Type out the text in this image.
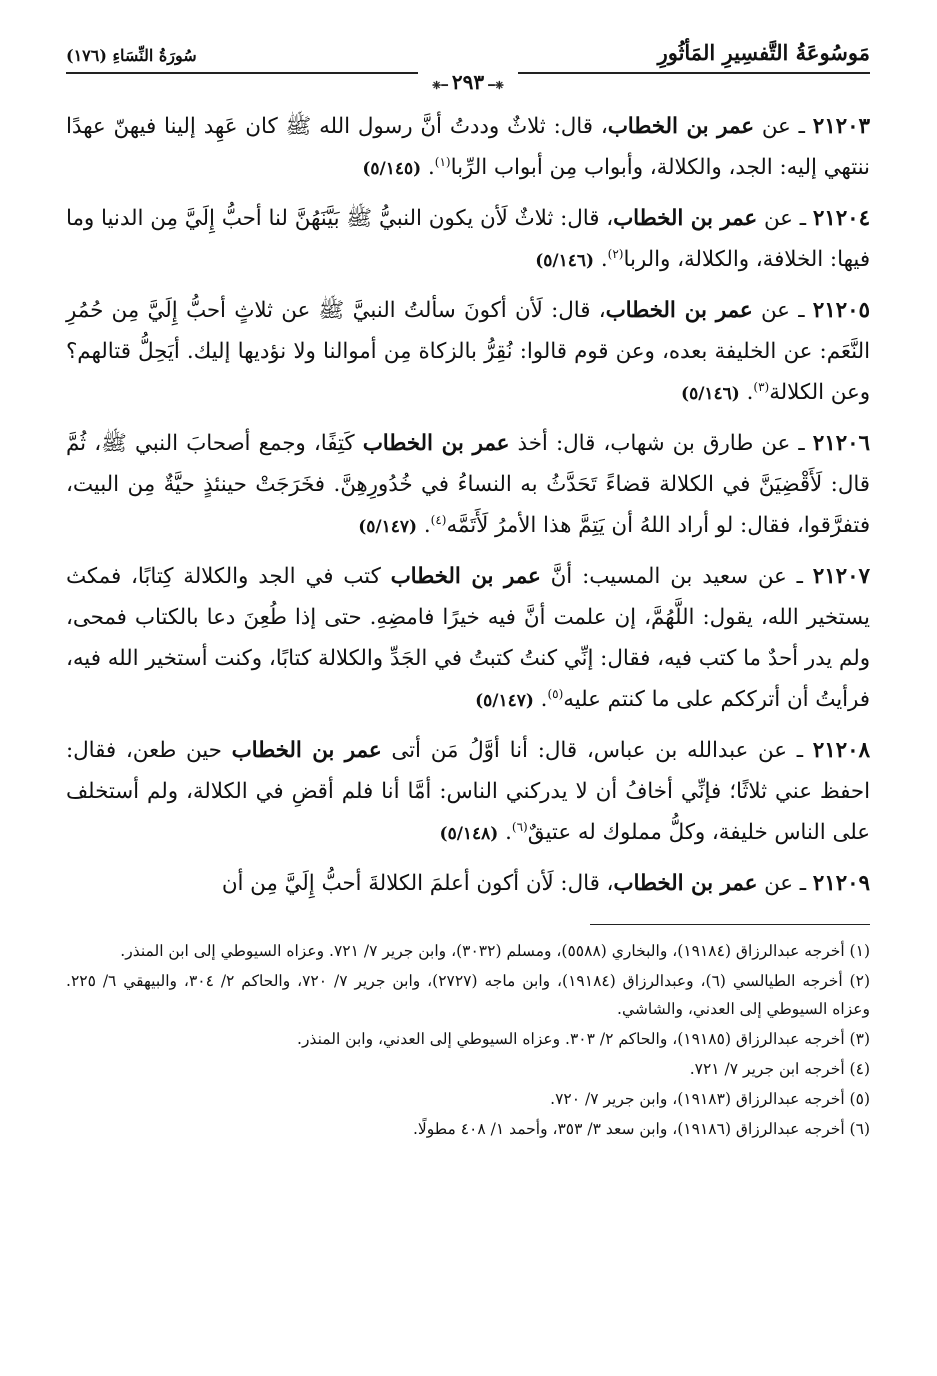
مَوسُوعَةُ التَّفسِيرِ المَأثُورِ
سُورَةُ النِّسَاءِ (١٧٦)
❈━٢٩٣━❈

٢١٢٠٣ ـ عن عمر بن الخطاب، قال: ثلاثٌ وددتُ أنَّ رسول الله ﷺ كان عَهِد إلينا فيهنّ عهدًا ننتهي إليه: الجد، والكلالة، وأبواب مِن أبواب الرِّبا$^{(١)}$. (٥/١٤٥)

٢١٢٠٤ ـ عن عمر بن الخطاب، قال: ثلاثٌ لَأن يكون النبيُّ ﷺ بَيَّنَهُنَّ لنا أحبُّ إِلَيَّ مِن الدنيا وما فيها: الخلافة، والكلالة، والربا$^{(٢)}$. (٥/١٤٦)

٢١٢٠٥ ـ عن عمر بن الخطاب، قال: لَأن أكونَ سألتُ النبيَّ ﷺ عن ثلاثٍ أحبُّ إِلَيَّ مِن حُمُرِ النَّعَم: عن الخليفة بعده، وعن قوم قالوا: نُقِرُّ بالزكاة مِن أموالنا ولا نؤديها إليك. أيَحِلُّ قتالهم؟ وعن الكلالة$^{(٣)}$. (٥/١٤٦)

٢١٢٠٦ ـ عن طارق بن شهاب، قال: أخذ عمر بن الخطاب كَتِفًا، وجمع أصحابَ النبي ﷺ، ثُمَّ قال: لَأَقْضِيَنَّ في الكلالة قضاءً تَحَدَّثُ به النساءُ في خُدُورِهِنَّ. فخَرَجَتْ حينئذٍ حيَّةٌ مِن البيت، فتفرَّقوا، فقال: لو أراد اللهُ أن يَتِمَّ هذا الأمرُ لَأَتَمَّه$^{(٤)}$. (٥/١٤٧)

٢١٢٠٧ ـ عن سعيد بن المسيب: أنَّ عمر بن الخطاب كتب في الجد والكلالة كِتابًا، فمكث يستخير الله، يقول: اللَّهُمَّ، إن علمت أنَّ فيه خيرًا فامضِهِ. حتى إذا طُعِنَ دعا بالكتاب فمحى، ولم يدر أحدٌ ما كتب فيه، فقال: إنِّي كنتُ كتبتُ في الجَدِّ والكلالة كتابًا، وكنت أستخير الله فيه، فرأيتُ أن أترككم على ما كنتم عليه$^{(٥)}$. (٥/١٤٧)

٢١٢٠٨ ـ عن عبدالله بن عباس، قال: أنا أوَّلُ مَن أتى عمر بن الخطاب حين طعن، فقال: احفظ عني ثلاثًا؛ فإنِّي أخافُ أن لا يدركني الناس: أمَّا أنا فلم أقضِ في الكلالة، ولم أستخلف على الناس خليفة، وكلُّ مملوك له عتيقٌ$^{(٦)}$. (٥/١٤٨)

٢١٢٠٩ ـ عن عمر بن الخطاب، قال: لَأن أكون أعلمَ الكلالةَ أحبُّ إِلَيَّ مِن أن

(١) أخرجه عبدالرزاق (١٩١٨٤)، والبخاري (٥٥٨٨)، ومسلم (٣٠٣٢)، وابن جرير ٧/ ٧٢١. وعزاه السيوطي إلى ابن المنذر.

(٢) أخرجه الطيالسي (٦)، وعبدالرزاق (١٩١٨٤)، وابن ماجه (٢٧٢٧)، وابن جرير ٧/ ٧٢٠، والحاكم ٢/ ٣٠٤، والبيهقي ٦/ ٢٢٥. وعزاه السيوطي إلى العدني، والشاشي.

(٣) أخرجه عبدالرزاق (١٩١٨٥)، والحاكم ٢/ ٣٠٣. وعزاه السيوطي إلى العدني، وابن المنذر.

(٤) أخرجه ابن جرير ٧/ ٧٢١.

(٥) أخرجه عبدالرزاق (١٩١٨٣)، وابن جرير ٧/ ٧٢٠.

(٦) أخرجه عبدالرزاق (١٩١٨٦)، وابن سعد ٣/ ٣٥٣، وأحمد ١/ ٤٠٨ مطولًا.
